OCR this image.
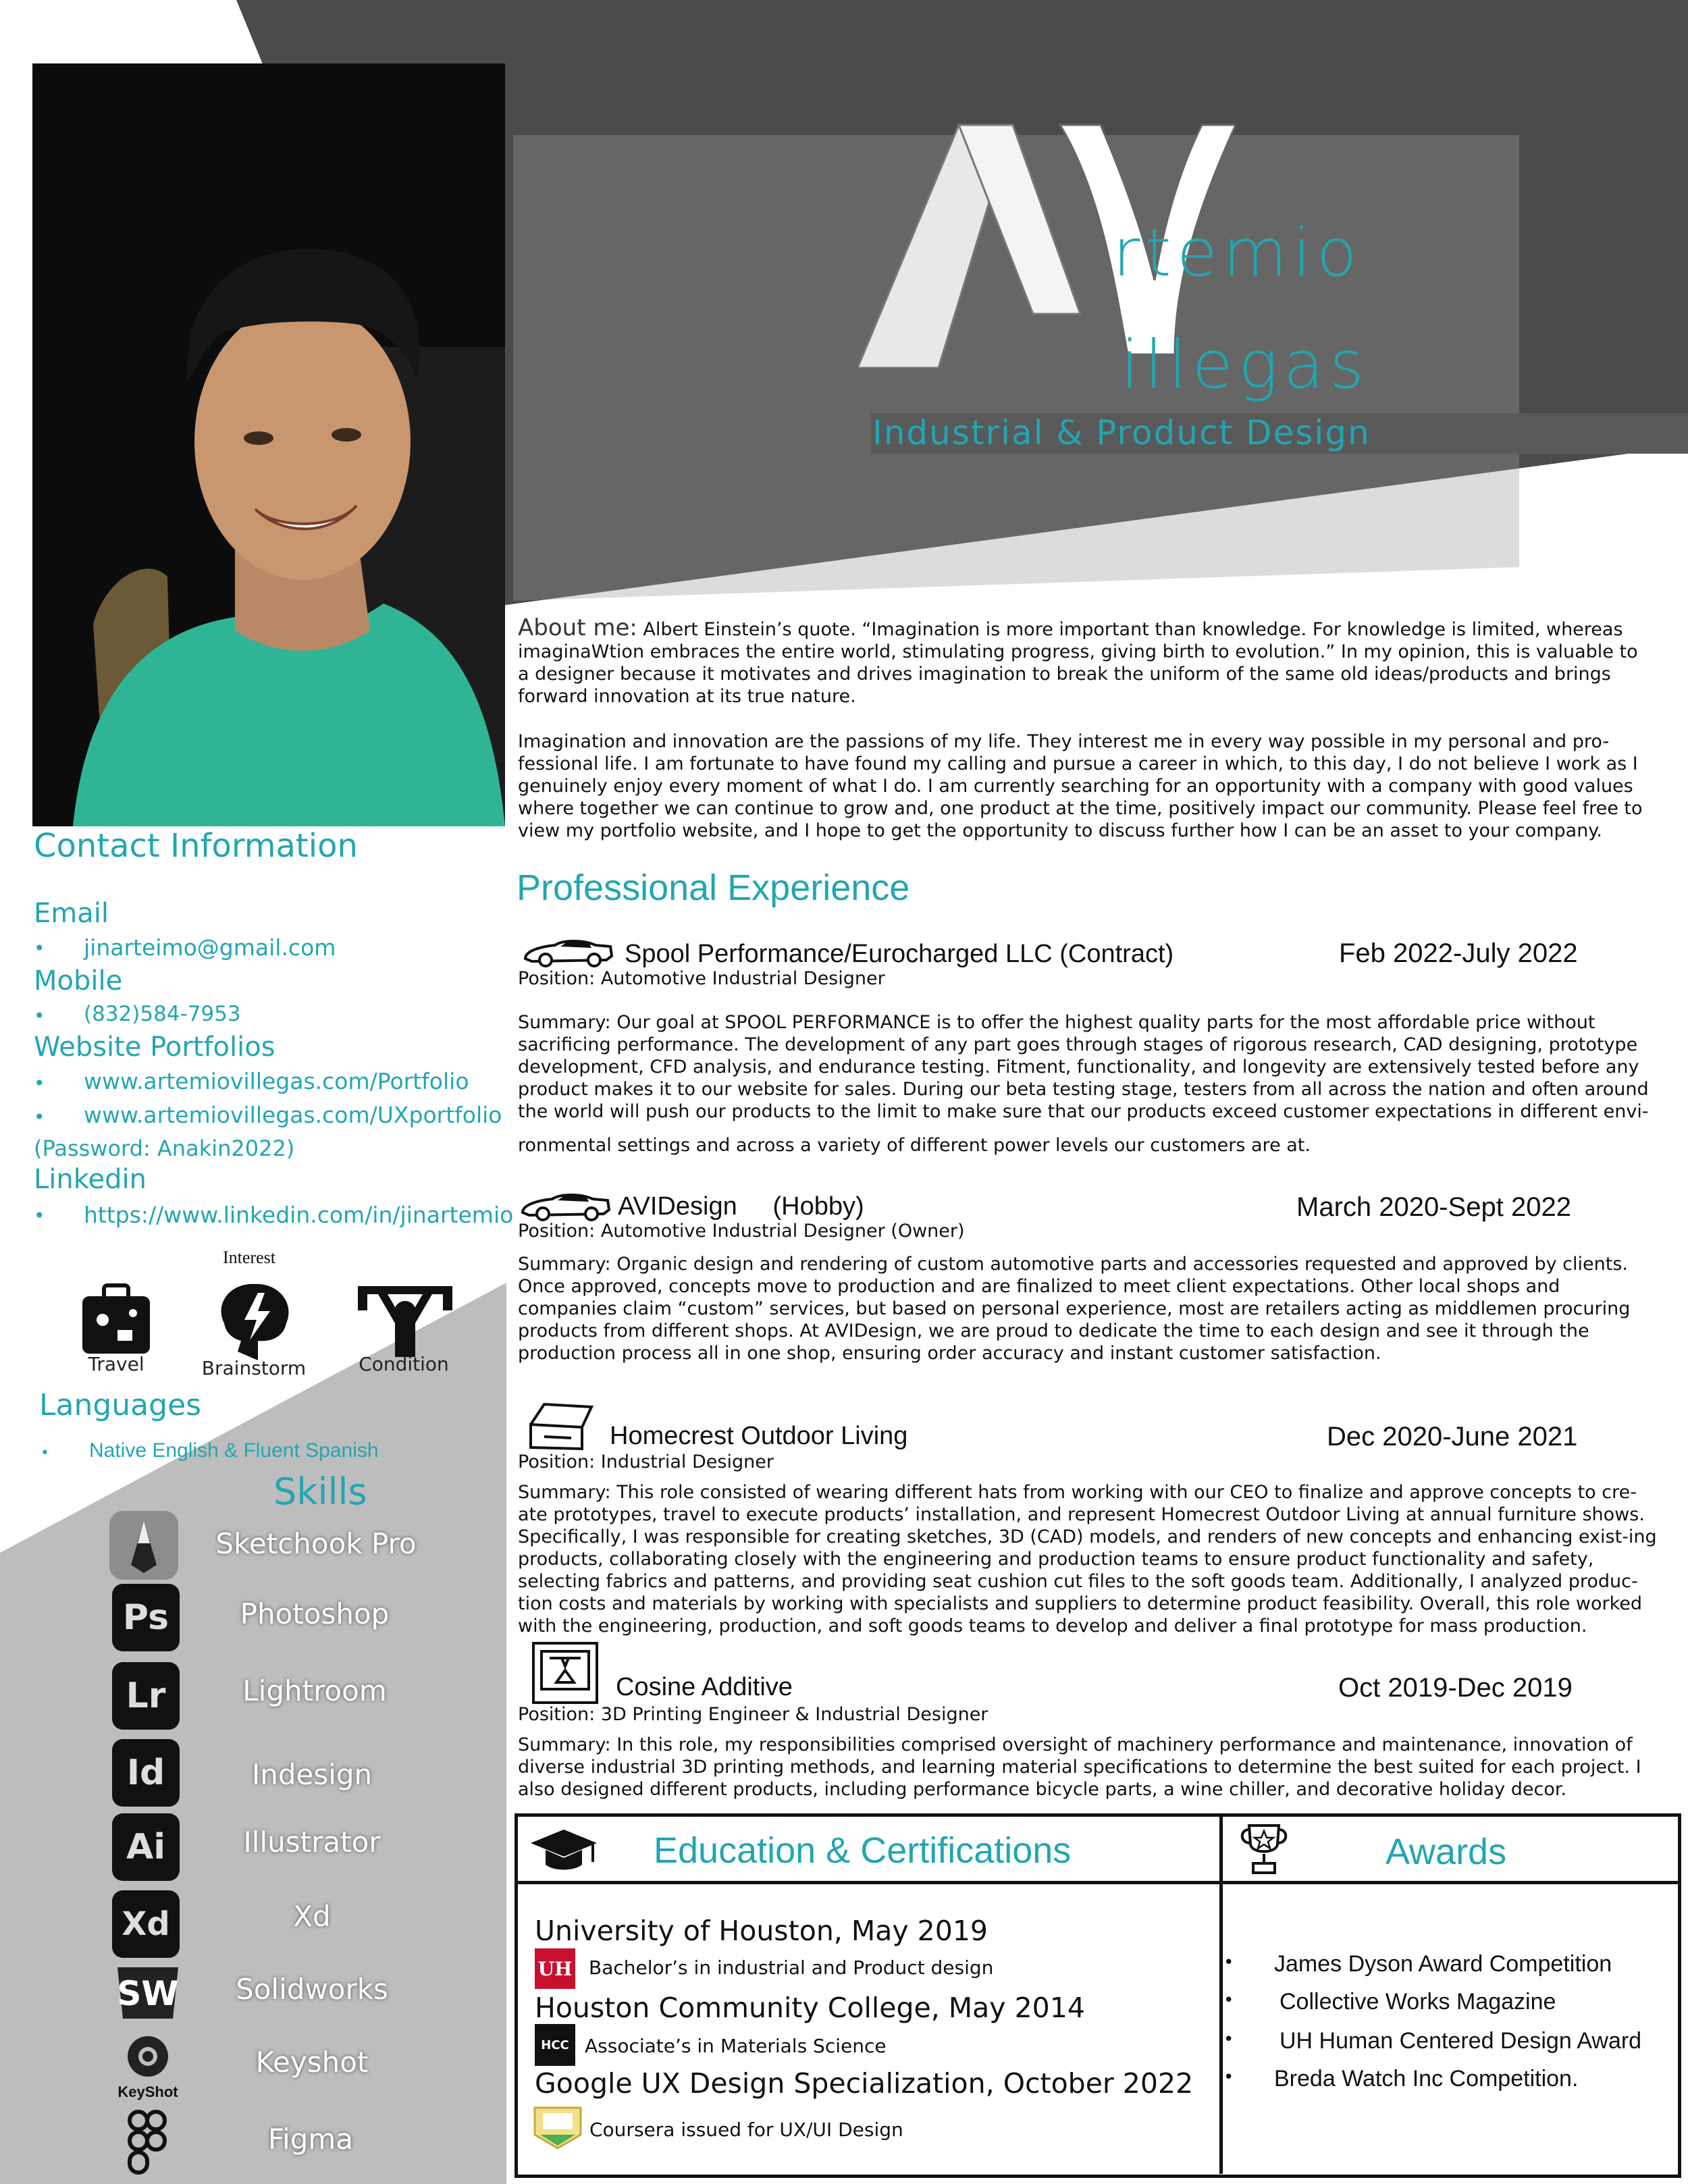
rtemio
illegas
Industrial & Product Design
Contact Information
Email
• jinarteimo@gmail.com
Mobile
• (832)584-7953
Website Portfolios
• www.artemiovillegas.com/Portfolio
• www.artemiovillegas.com/UXportfolio
(Password: Anakin2022)
Linkedin
• https://www.linkedin.com/in/jinartemio
Interest
Travel	Brainstorm	Condition
Languages
• Native English & Fluent Spanish
Skills
Sketchook Pro
Ps	Photoshop
Lr	Lightroom
Id	Indesign
Ai	Illustrator
Xd	Xd
SW	Solidworks
KeyShot
Keyshot
Figma
About me: Albert Einstein’s quote. “Imagination is more important than knowledge. For knowledge is limited, whereas imaginaWtion embraces the entire world, stimulating progress, giving birth to evolution.” In my opinion, this is valuable to a designer because it motivates and drives imagination to break the uniform of the same old ideas/products and brings forward innovation at its true nature.
Imagination and innovation are the passions of my life. They interest me in every way possible in my personal and pro-fessional life. I am fortunate to have found my calling and pursue a career in which, to this day, I do not believe I work as I genuinely enjoy every moment of what I do. I am currently searching for an opportunity with a company with good values where together we can continue to grow and, one product at the time, positively impact our community. Please feel free to view my portfolio website, and I hope to get the opportunity to discuss further how I can be an asset to your company.
Professional Experience
Spool Performance/Eurocharged LLC (Contract)	Feb 2022-July 2022
Position: Automotive Industrial Designer
Summary: Our goal at SPOOL PERFORMANCE is to offer the highest quality parts for the most affordable price without sacrificing performance. The development of any part goes through stages of rigorous research, CAD designing, prototype development, CFD analysis, and endurance testing. Fitment, functionality, and longevity are extensively tested before any product makes it to our website for sales. During our beta testing stage, testers from all across the nation and often around the world will push our products to the limit to make sure that our products exceed customer expectations in different envi-
ronmental settings and across a variety of different power levels our customers are at.
AVIDesign     (Hobby)	March 2020-Sept 2022
Position: Automotive Industrial Designer (Owner)
Summary: Organic design and rendering of custom automotive parts and accessories requested and approved by clients. Once approved, concepts move to production and are finalized to meet client expectations. Other local shops and companies claim “custom” services, but based on personal experience, most are retailers acting as middlemen procuring products from different shops. At AVIDesign, we are proud to dedicate the time to each design and see it through the production process all in one shop, ensuring order accuracy and instant customer satisfaction.
Homecrest Outdoor Living	Dec 2020-June 2021
Position: Industrial Designer
Summary: This role consisted of wearing different hats from working with our CEO to finalize and approve concepts to cre-ate prototypes, travel to execute products’ installation, and represent Homecrest Outdoor Living at annual furniture shows. Specifically, I was responsible for creating sketches, 3D (CAD) models, and renders of new concepts and enhancing exist-ing products, collaborating closely with the engineering and production teams to ensure product functionality and safety, selecting fabrics and patterns, and providing seat cushion cut files to the soft goods team. Additionally, I analyzed produc-tion costs and materials by working with specialists and suppliers to determine product feasibility. Overall, this role worked with the engineering, production, and soft goods teams to develop and deliver a final prototype for mass production.
Cosine Additive	Oct 2019-Dec 2019
Position: 3D Printing Engineer & Industrial Designer
Summary: In this role, my responsibilities comprised oversight of machinery performance and maintenance, innovation of diverse industrial 3D printing methods, and learning material specifications to determine the best suited for each project. I also designed different products, including performance bicycle parts, a wine chiller, and decorative holiday decor.
Education & Certifications	Awards
University of Houston, May 2019
UH Bachelor’s in industrial and Product design
Houston Community College, May 2014
HCC Associate’s in Materials Science
Google UX Design Specialization, October 2022
Coursera issued for UX/UI Design
• James Dyson Award Competition
• Collective Works Magazine
• UH Human Centered Design Award
• Breda Watch Inc Competition.
